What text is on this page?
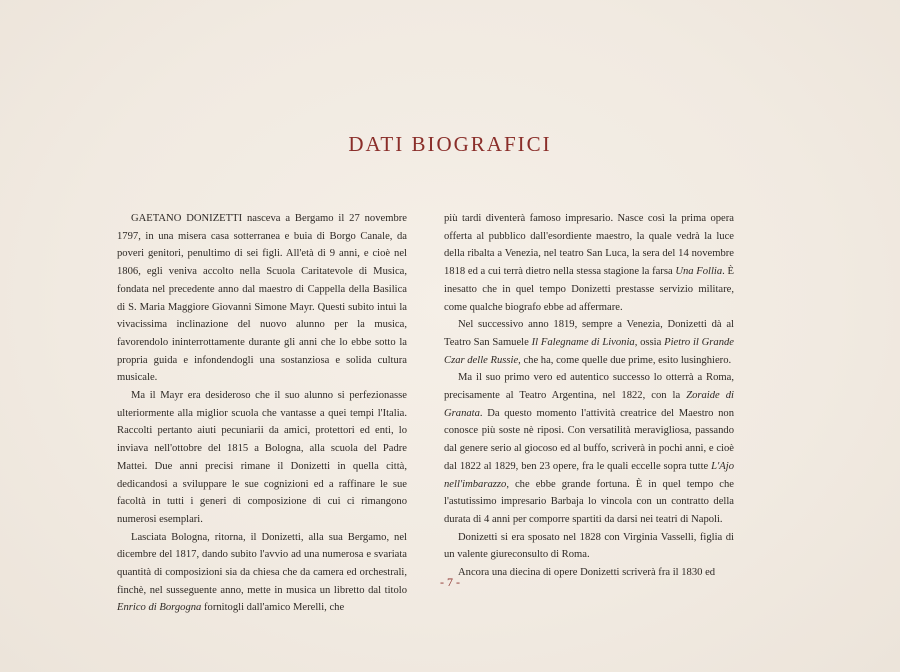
DATI BIOGRAFICI

GAETANO DONIZETTI nasceva a Bergamo il 27 novembre 1797, in una misera casa sotterranea e buia di Borgo Canale, da poveri genitori, penultimo di sei figli. All'età di 9 anni, e cioè nel 1806, egli veniva accolto nella Scuola Caritatevole di Musica, fondata nel precedente anno dal maestro di Cappella della Basilica di S. Maria Maggiore Giovanni Simone Mayr. Questi subito intuì la vivacissima inclinazione del nuovo alunno per la musica, favorendolo ininterrottamente durante gli anni che lo ebbe sotto la propria guida e infondendogli una sostanziosa e solida cultura musicale.

Ma il Mayr era desideroso che il suo alunno si perfezionasse ulteriormente alla miglior scuola che vantasse a quei tempi l'Italia. Raccolti pertanto aiuti pecuniarii da amici, protettori ed enti, lo inviava nell'ottobre del 1815 a Bologna, alla scuola del Padre Mattei. Due anni precisi rimane il Donizetti in quella città, dedicandosi a sviluppare le sue cognizioni ed a raffinare le sue facoltà in tutti i generi di composizione di cui ci rimangono numerosi esemplari.

Lasciata Bologna, ritorna, il Donizetti, alla sua Bergamo, nel dicembre del 1817, dando subito l'avvio ad una numerosa e svariata quantità di composizioni sia da chiesa che da camera ed orchestrali, finchè, nel susseguente anno, mette in musica un libretto dal titolo Enrico di Borgogna fornitogli dall'amico Merelli, che

più tardi diventerà famoso impresario. Nasce così la prima opera offerta al pubblico dall'esordiente maestro, la quale vedrà la luce della ribalta a Venezia, nel teatro San Luca, la sera del 14 novembre 1818 ed a cui terrà dietro nella stessa stagione la farsa Una Follia. È inesatto che in quel tempo Donizetti prestasse servizio militare, come qualche biografo ebbe ad affermare.

Nel successivo anno 1819, sempre a Venezia, Donizetti dà al Teatro San Samuele Il Falegname di Livonia, ossia Pietro il Grande Czar delle Russie, che ha, come quelle due prime, esito lusinghiero.

Ma il suo primo vero ed autentico successo lo otterrà a Roma, precisamente al Teatro Argentina, nel 1822, con la Zoraide di Granata. Da questo momento l'attività creatrice del Maestro non conosce più soste nè riposi. Con versatilità meravigliosa, passando dal genere serio al giocoso ed al buffo, scriverà in pochi anni, e cioè dal 1822 al 1829, ben 23 opere, fra le quali eccelle sopra tutte L'Ajo nell'imbarazzo, che ebbe grande fortuna. È in quel tempo che l'astutissimo impresario Barbaja lo vincola con un contratto della durata di 4 anni per comporre spartiti da darsi nei teatri di Napoli.

Donizetti si era sposato nel 1828 con Virginia Vasselli, figlia di un valente giureconsulto di Roma.

Ancora una diecina di opere Donizetti scriverà fra il 1830 ed

- 7 -
